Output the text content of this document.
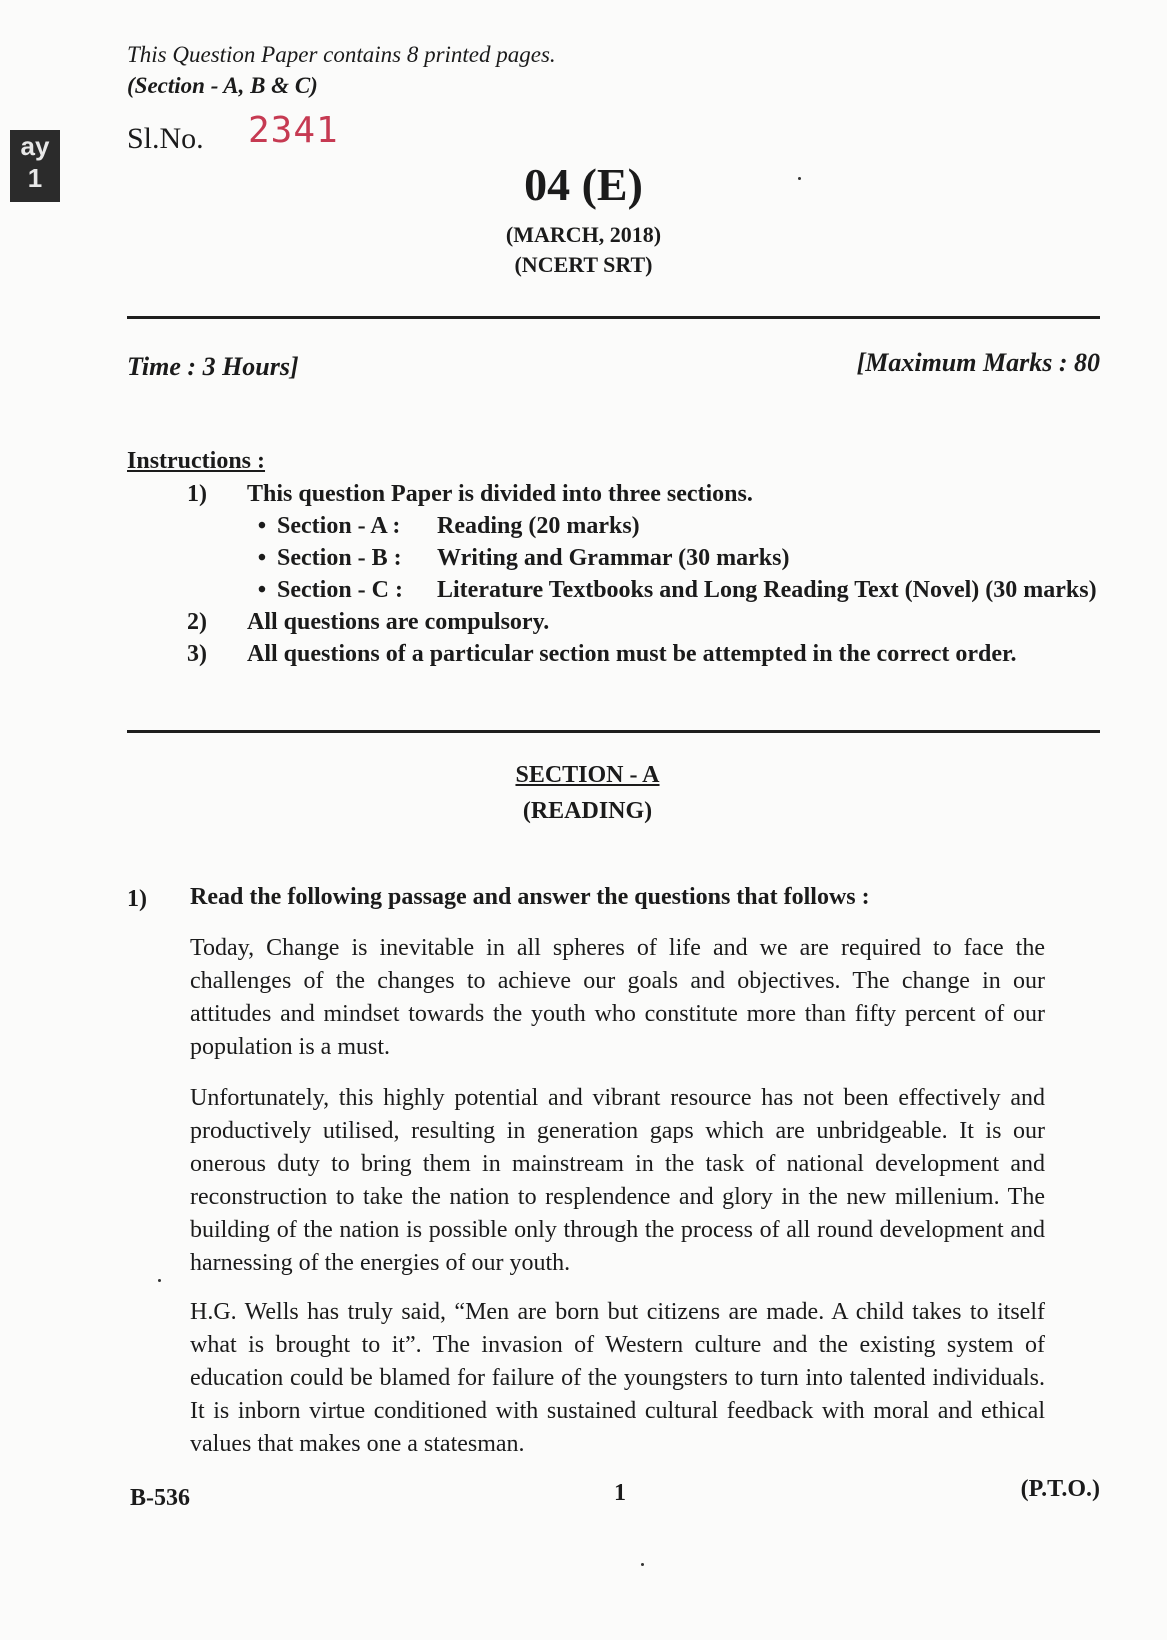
ay
1
This Question Paper contains 8 printed pages.
(Section - A, B & C)
Sl.No. 2341
04 (E)
(MARCH, 2018)
(NCERT SRT)
Time : 3 Hours]	[Maximum Marks : 80
Instructions :
1)	This question Paper is divided into three sections.
• Section - A :	Reading (20 marks)
• Section - B :	Writing and Grammar (30 marks)
• Section - C :	Literature Textbooks and Long Reading Text (Novel) (30 marks)
2)	All questions are compulsory.
3)	All questions of a particular section must be attempted in the correct order.
SECTION - A
(READING)
1) Read the following passage and answer the questions that follows :
Today, Change is inevitable in all spheres of life and we are required to face the challenges of the changes to achieve our goals and objectives. The change in our attitudes and mindset towards the youth who constitute more than fifty percent of our population is a must.
Unfortunately, this highly potential and vibrant resource has not been effectively and productively utilised, resulting in generation gaps which are unbridgeable. It is our onerous duty to bring them in mainstream in the task of national development and reconstruction to take the nation to resplendence and glory in the new millenium. The building of the nation is possible only through the process of all round development and harnessing of the energies of our youth.
H.G. Wells has truly said, “Men are born but citizens are made. A child takes to itself what is brought to it”. The invasion of Western culture and the existing system of education could be blamed for failure of the youngsters to turn into talented individuals. It is inborn virtue conditioned with sustained cultural feedback with moral and ethical values that makes one a statesman.
B-536	1	(P.T.O.)
